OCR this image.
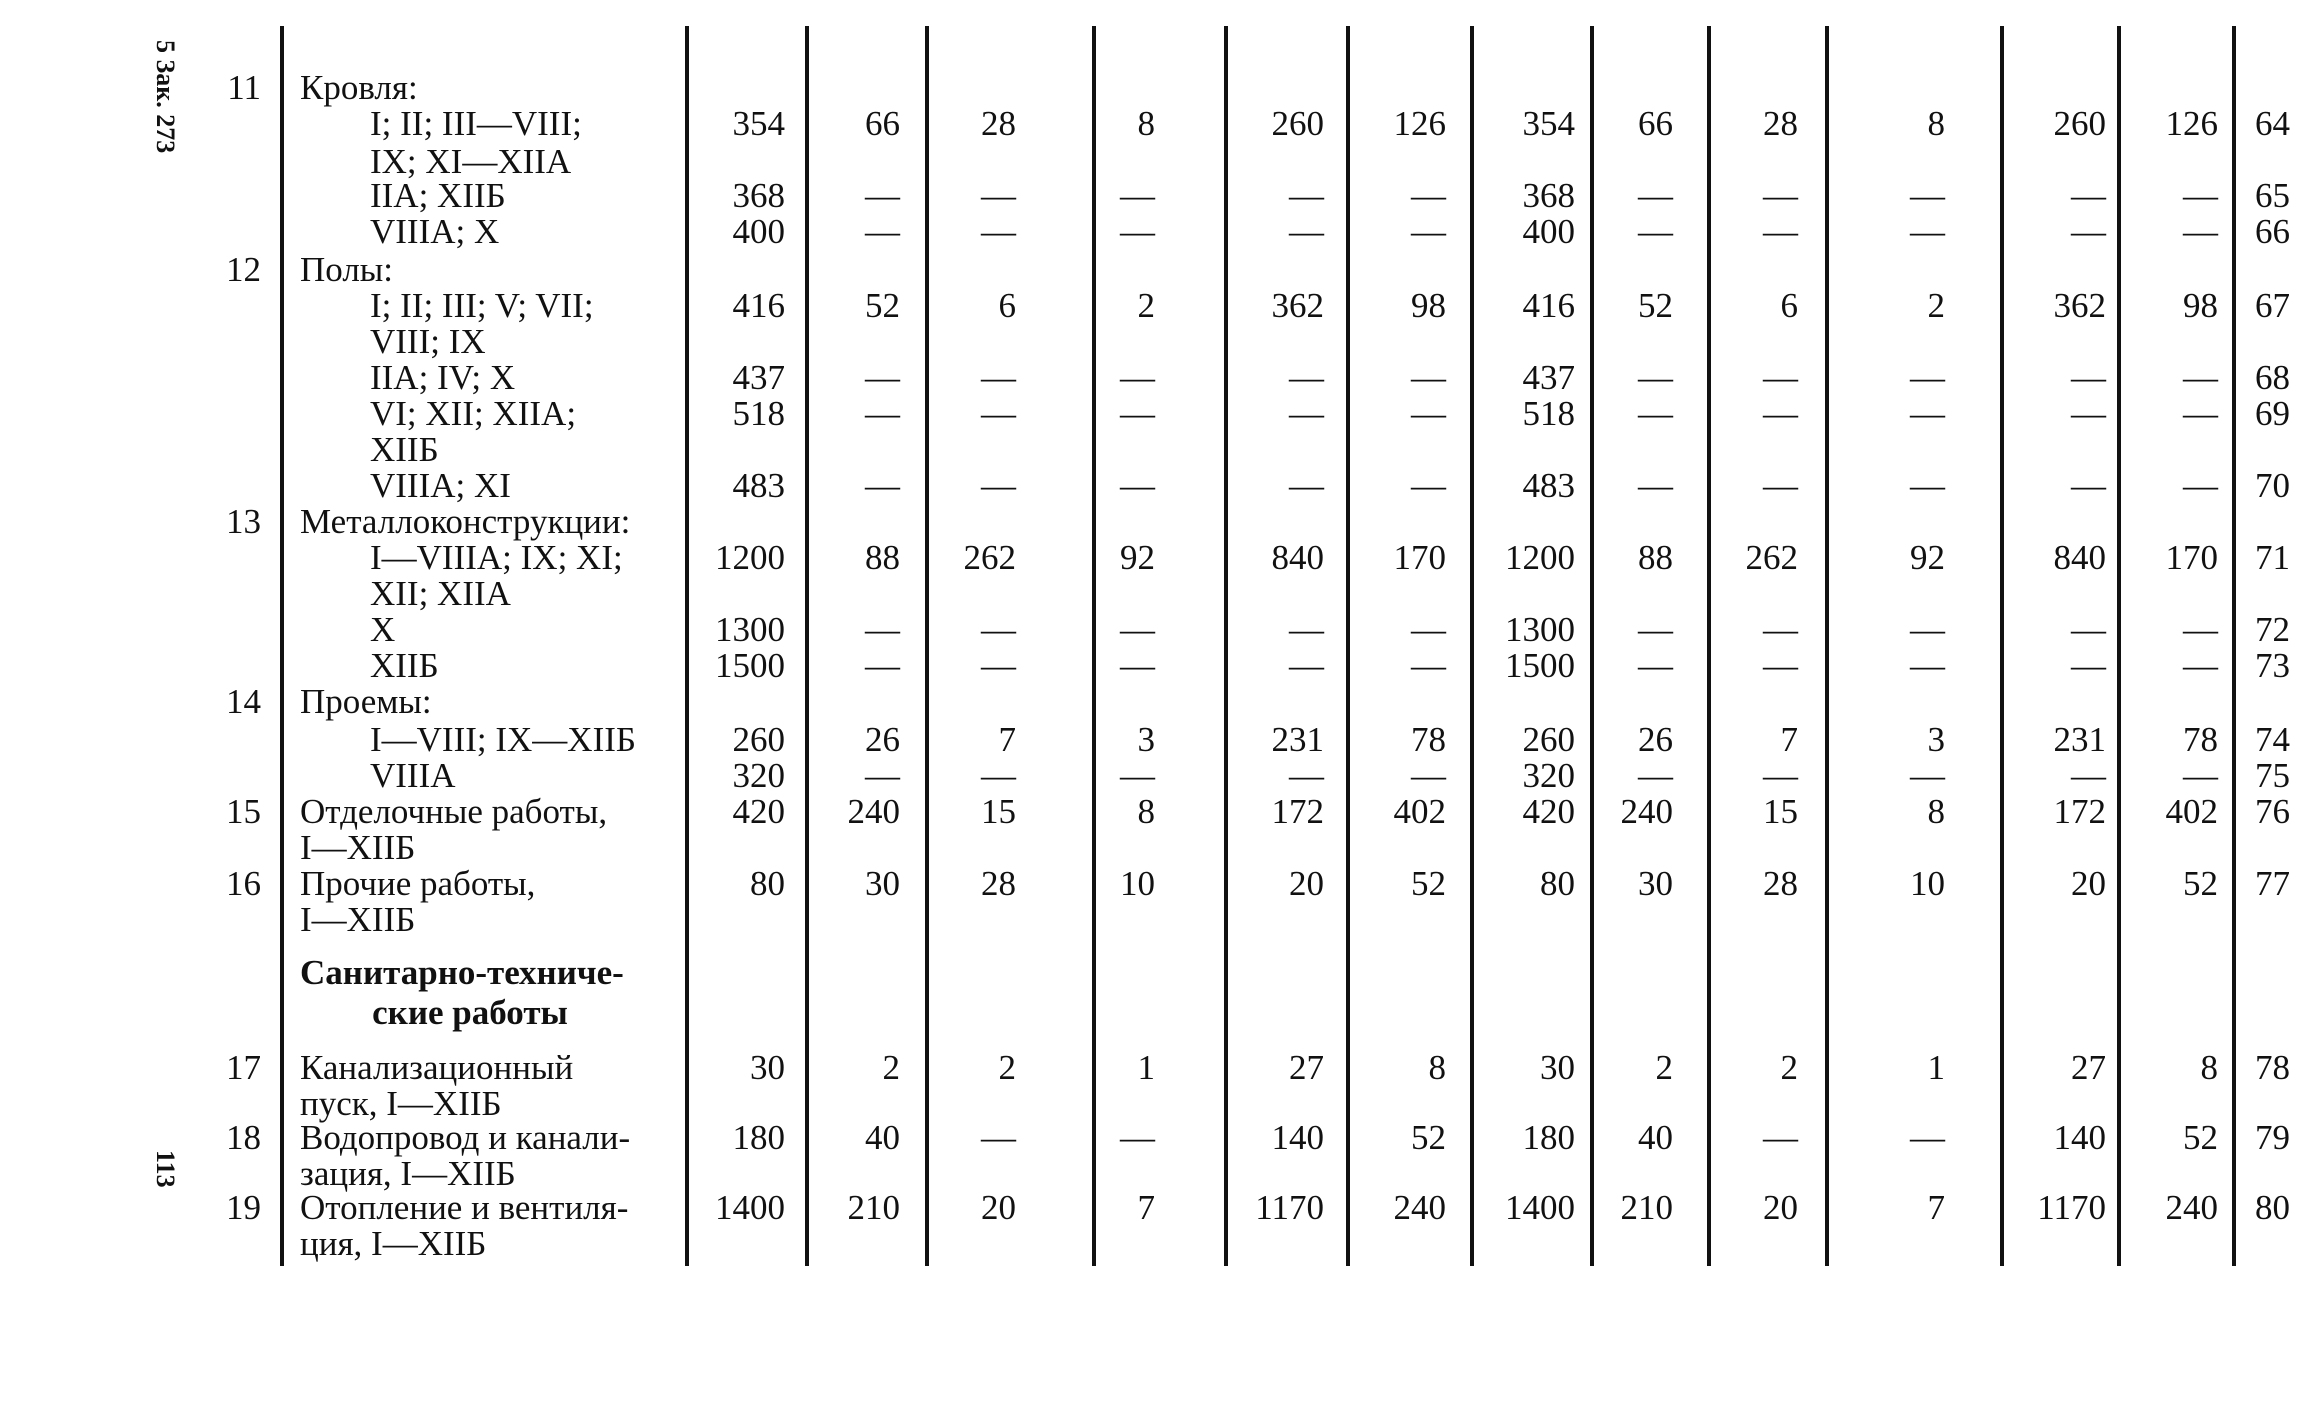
5 Зак. 273
113
11 Кровля:
I; II; III—VIII;	354	66	28	8	260	126	354	66	28	8	260	126	64
IX; XI—XIIA
IIA; XIIБ	368	—	—	—	—	—	368	—	—	—	—	—	65
VIIIA; X	400	—	—	—	—	—	400	—	—	—	—	—	66
12 Полы:
I; II; III; V; VII;	416	52	6	2	362	98	416	52	6	2	362	98	67
VIII; IX
IIA; IV; X	437	—	—	—	—	—	437	—	—	—	—	—	68
VI; XII; XIIA;	518	—	—	—	—	—	518	—	—	—	—	—	69
XIIБ
VIIIA; XI	483	—	—	—	—	—	483	—	—	—	—	—	70
13 Металлоконструкции:
I—VIIIA; IX; XI;	1200	88	262	92	840	170	1200	88	262	92	840	170	71
XII; XIIA
X	1300	—	—	—	—	—	1300	—	—	—	—	—	72
XIIБ	1500	—	—	—	—	—	1500	—	—	—	—	—	73
14 Проемы:
I—VIII; IX—XIIБ	260	26	7	3	231	78	260	26	7	3	231	78	74
VIIIA	320	—	—	—	—	—	320	—	—	—	—	—	75
15 Отделочные работы,	420	240	15	8	172	402	420	240	15	8	172	402	76
I—XIIБ
16 Прочие работы,	80	30	28	10	20	52	80	30	28	10	20	52	77
I—XIIБ
Санитарно-техниче-
ские работы
17 Канализационный	30	2	2	1	27	8	30	2	2	1	27	8	78
пуск, I—XIIБ
18 Водопровод и канали-	180	40	—	—	140	52	180	40	—	—	140	52	79
зация, I—XIIБ
19 Отопление и вентиля-	1400	210	20	7	1170	240	1400	210	20	7	1170	240	80
ция, I—XIIБ
